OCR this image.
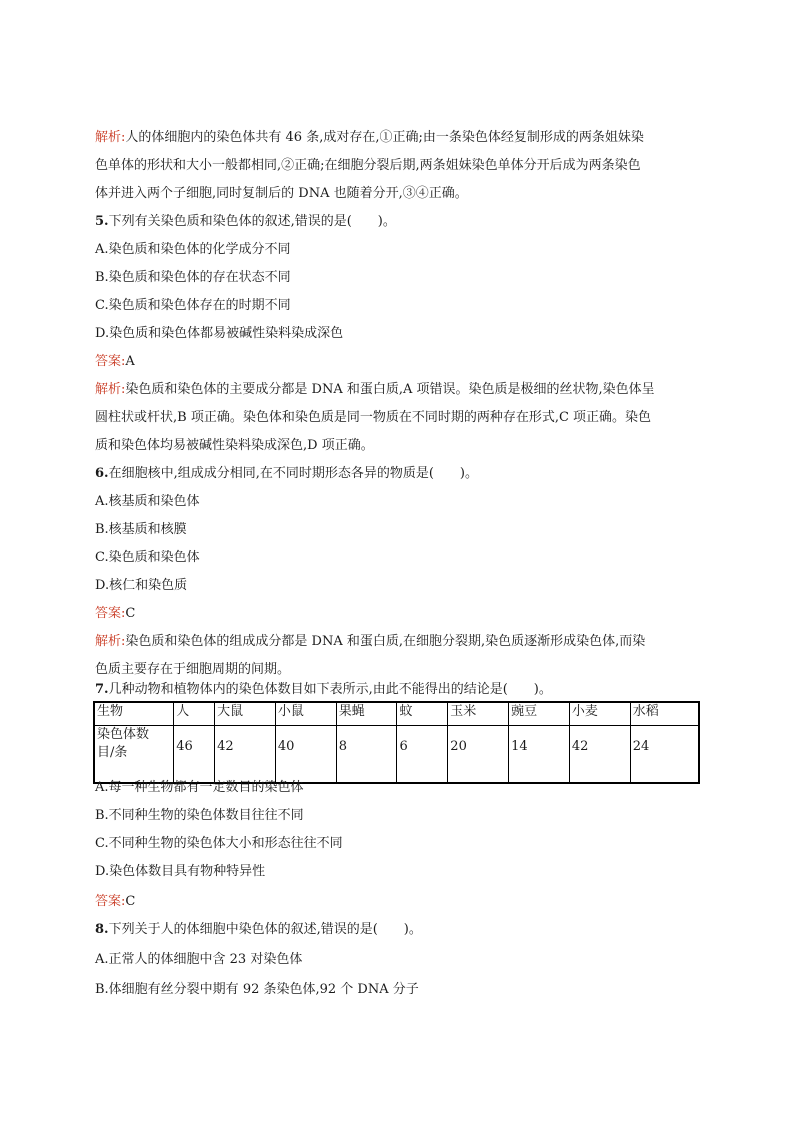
解析:人的体细胞内的染色体共有 46 条,成对存在,①正确;由一条染色体经复制形成的两条姐妹染
色单体的形状和大小一般都相同,②正确;在细胞分裂后期,两条姐妹染色单体分开后成为两条染色
体并进入两个子细胞,同时复制后的 DNA 也随着分开,③④正确。
5.下列有关染色质和染色体的叙述,错误的是(　　)。
A.染色质和染色体的化学成分不同
B.染色质和染色体的存在状态不同
C.染色质和染色体存在的时期不同
D.染色质和染色体都易被碱性染料染成深色
答案:A
解析:染色质和染色体的主要成分都是 DNA 和蛋白质,A 项错误。染色质是极细的丝状物,染色体呈
圆柱状或杆状,B 项正确。染色体和染色质是同一物质在不同时期的两种存在形式,C 项正确。染色
质和染色体均易被碱性染料染成深色,D 项正确。
6.在细胞核中,组成成分相同,在不同时期形态各异的物质是(　　)。
A.核基质和染色体
B.核基质和核膜
C.染色质和染色体
D.核仁和染色质
答案:C
解析:染色质和染色体的组成成分都是 DNA 和蛋白质,在细胞分裂期,染色质逐渐形成染色体,而染
色质主要存在于细胞周期的间期。
7.几种动物和植物体内的染色体数目如下表所示,由此不能得出的结论是(　　)。
生物	人	大鼠	小鼠	果蝇	蚊	玉米	豌豆	小麦	水稻
染色体数
目/条	46	42	40	8	6	20	14	42	24
A.每一种生物都有一定数目的染色体
B.不同种生物的染色体数目往往不同
C.不同种生物的染色体大小和形态往往不同
D.染色体数目具有物种特异性
答案:C
8.下列关于人的体细胞中染色体的叙述,错误的是(　　)。
A.正常人的体细胞中含 23 对染色体
B.体细胞有丝分裂中期有 92 条染色体,92 个 DNA 分子
